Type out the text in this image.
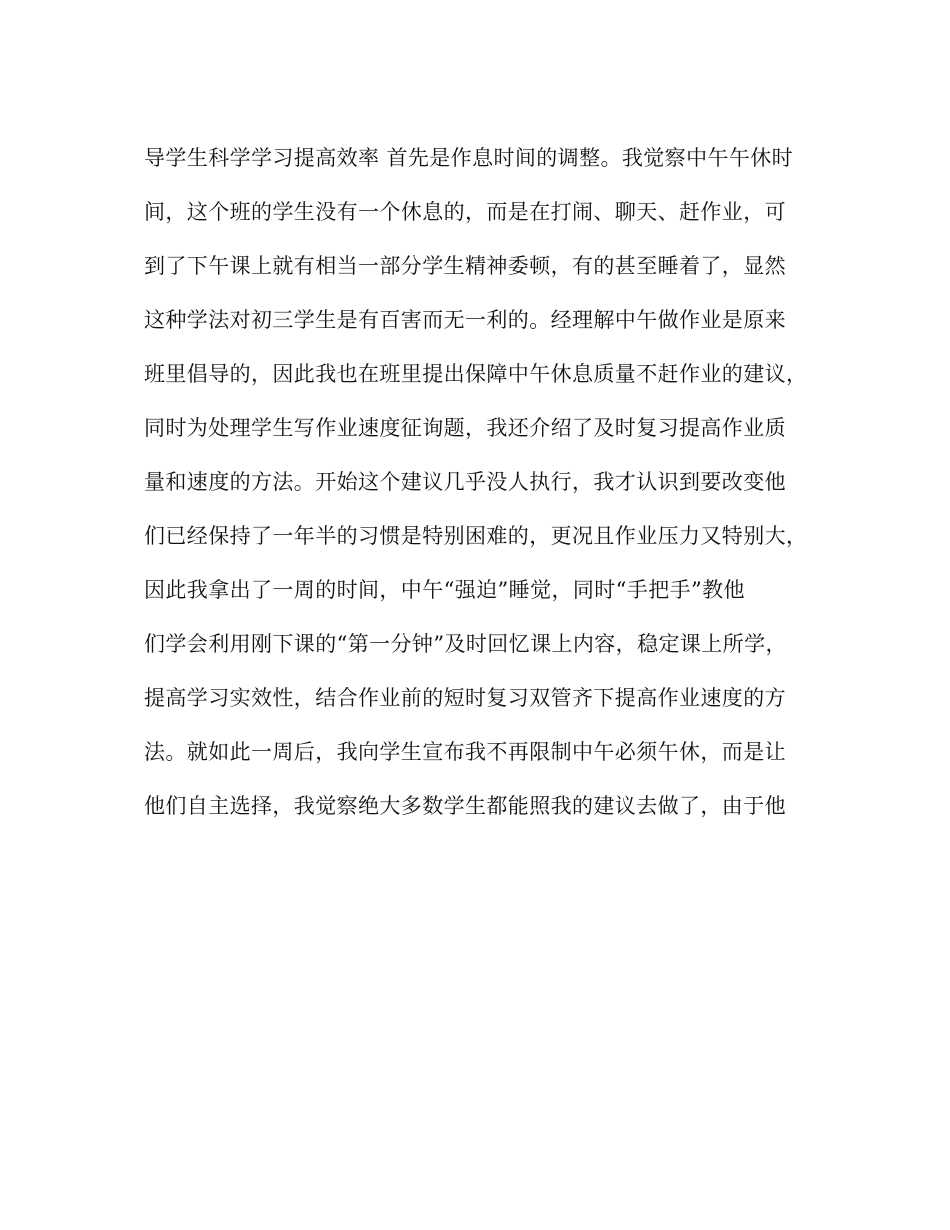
导学生科学学习提高效率 首先是作息时间的调整。我觉察中午午休时
间，这个班的学生没有一个休息的，而是在打闹、聊天、赶作业，可
到了下午课上就有相当一部分学生精神委顿，有的甚至睡着了，显然
这种学法对初三学生是有百害而无一利的。经理解中午做作业是原来
班里倡导的，因此我也在班里提出保障中午休息质量不赶作业的建议，
同时为处理学生写作业速度征询题，我还介绍了及时复习提高作业质
量和速度的方法。开始这个建议几乎没人执行，我才认识到要改变他
们已经保持了一年半的习惯是特别困难的，更况且作业压力又特别大，
因此我拿出了一周的时间，中午“强迫”睡觉，同时“手把手”教他
们学会利用刚下课的“第一分钟”及时回忆课上内容，稳定课上所学，
提高学习实效性，结合作业前的短时复习双管齐下提高作业速度的方
法。就如此一周后，我向学生宣布我不再限制中午必须午休，而是让
他们自主选择，我觉察绝大多数学生都能照我的建议去做了，由于他
